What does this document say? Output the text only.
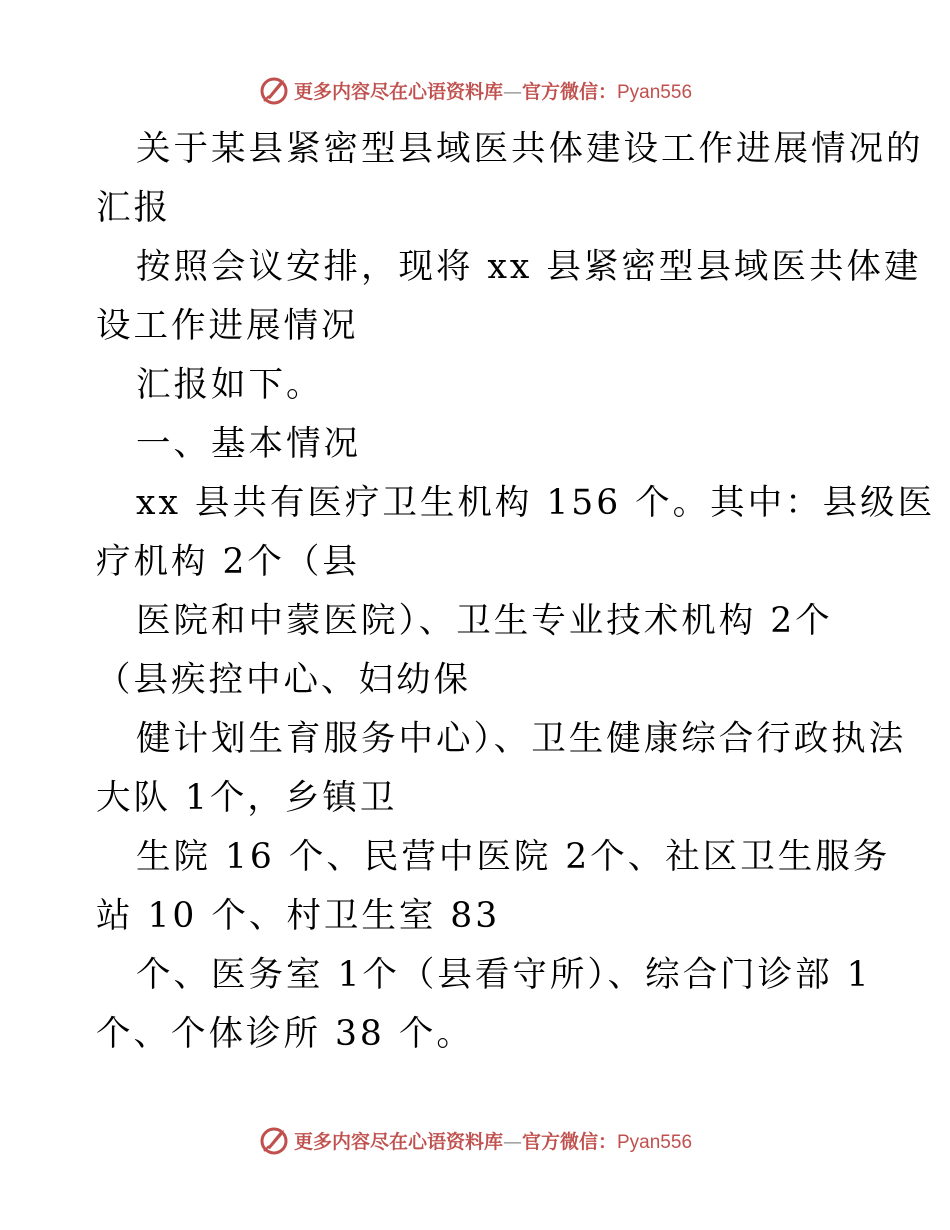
更多内容尽在心语资料库—官方微信：Pyan556
关于某县紧密型县域医共体建设工作进展情况的
汇报
按照会议安排，现将 xx 县紧密型县域医共体建
设工作进展情况
汇报如下。
一、基本情况
xx 县共有医疗卫生机构 156 个。其中：县级医
疗机构 2个（县
医院和中蒙医院）、卫生专业技术机构 2个
（县疾控中心、妇幼保
健计划生育服务中心）、卫生健康综合行政执法
大队 1个，乡镇卫
生院 16 个、民营中医院 2个、社区卫生服务
站 10 个、村卫生室 83
个、医务室 1个（县看守所）、综合门诊部 1
个、个体诊所 38 个。
更多内容尽在心语资料库—官方微信：Pyan556
